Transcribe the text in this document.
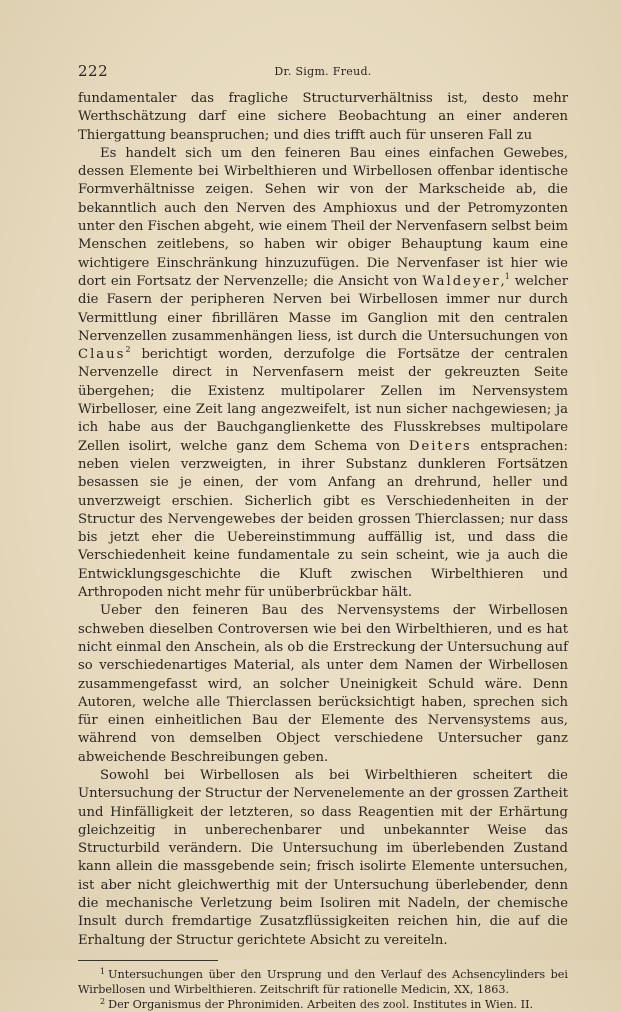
222	Dr. Sigm. Freud.

fundamentaler das fragliche Structurverhältniss ist, desto mehr Werthschätzung darf eine sichere Beobachtung an einer anderen Thiergattung beanspruchen; und dies trifft auch für unseren Fall zu

Es handelt sich um den feineren Bau eines einfachen Gewebes, dessen Elemente bei Wirbelthieren und Wirbellosen offenbar identische Formverhältnisse zeigen. Sehen wir von der Markscheide ab, die bekanntlich auch den Nerven des Amphioxus und der Petromyzonten unter den Fischen abgeht, wie einem Theil der Nervenfasern selbst beim Menschen zeitlebens, so haben wir obiger Behauptung kaum eine wichtigere Einschränkung hinzuzufügen. Die Nervenfaser ist hier wie dort ein Fortsatz der Nervenzelle; die Ansicht von Waldeyer,$^1$ welcher die Fasern der peripheren Nerven bei Wirbellosen immer nur durch Vermittlung einer fibrillären Masse im Ganglion mit den centralen Nervenzellen zusammenhängen liess, ist durch die Untersuchungen von Claus$^2$ berichtigt worden, derzufolge die Fortsätze der centralen Nervenzelle direct in Nervenfasern meist der gekreuzten Seite übergehen; die Existenz multipolarer Zellen im Nervensystem Wirbelloser, eine Zeit lang angezweifelt, ist nun sicher nachgewiesen; ja ich habe aus der Bauchganglienkette des Flusskrebses multipolare Zellen isolirt, welche ganz dem Schema von Deiters entsprachen: neben vielen verzweigten, in ihrer Substanz dunkleren Fortsätzen besassen sie je einen, der vom Anfang an drehrund, heller und unverzweigt erschien. Sicherlich gibt es Verschiedenheiten in der Structur des Nervengewebes der beiden grossen Thierclassen; nur dass bis jetzt eher die Uebereinstimmung auffällig ist, und dass die Verschiedenheit keine fundamentale zu sein scheint, wie ja auch die Entwicklungsgeschichte die Kluft zwischen Wirbelthieren und Arthropoden nicht mehr für unüberbrückbar hält.

Ueber den feineren Bau des Nervensystems der Wirbellosen schweben dieselben Controversen wie bei den Wirbelthieren, und es hat nicht einmal den Anschein, als ob die Erstreckung der Untersuchung auf so verschiedenartiges Material, als unter dem Namen der Wirbellosen zusammengefasst wird, an solcher Uneinigkeit Schuld wäre. Denn Autoren, welche alle Thierclassen berücksichtigt haben, sprechen sich für einen einheitlichen Bau der Elemente des Nervensystems aus, während von demselben Object verschiedene Untersucher ganz abweichende Beschreibungen geben.

Sowohl bei Wirbellosen als bei Wirbelthieren scheitert die Untersuchung der Structur der Nervenelemente an der grossen Zartheit und Hinfälligkeit der letzteren, so dass Reagentien mit der Erhärtung gleichzeitig in unberechenbarer und unbekannter Weise das Structurbild verändern. Die Untersuchung im überlebenden Zustand kann allein die massgebende sein; frisch isolirte Elemente untersuchen, ist aber nicht gleichwerthig mit der Untersuchung überlebender, denn die mechanische Verletzung beim Isoliren mit Nadeln, der chemische Insult durch fremdartige Zusatzflüssigkeiten reichen hin, die auf die Erhaltung der Structur gerichtete Absicht zu vereiteln.

$^1$ Untersuchungen über den Ursprung und den Verlauf des Achsencylinders bei Wirbellosen und Wirbelthieren. Zeitschrift für rationelle Medicin, XX, 1863.

$^2$ Der Organismus der Phronimiden. Arbeiten des zool. Institutes in Wien. II.
